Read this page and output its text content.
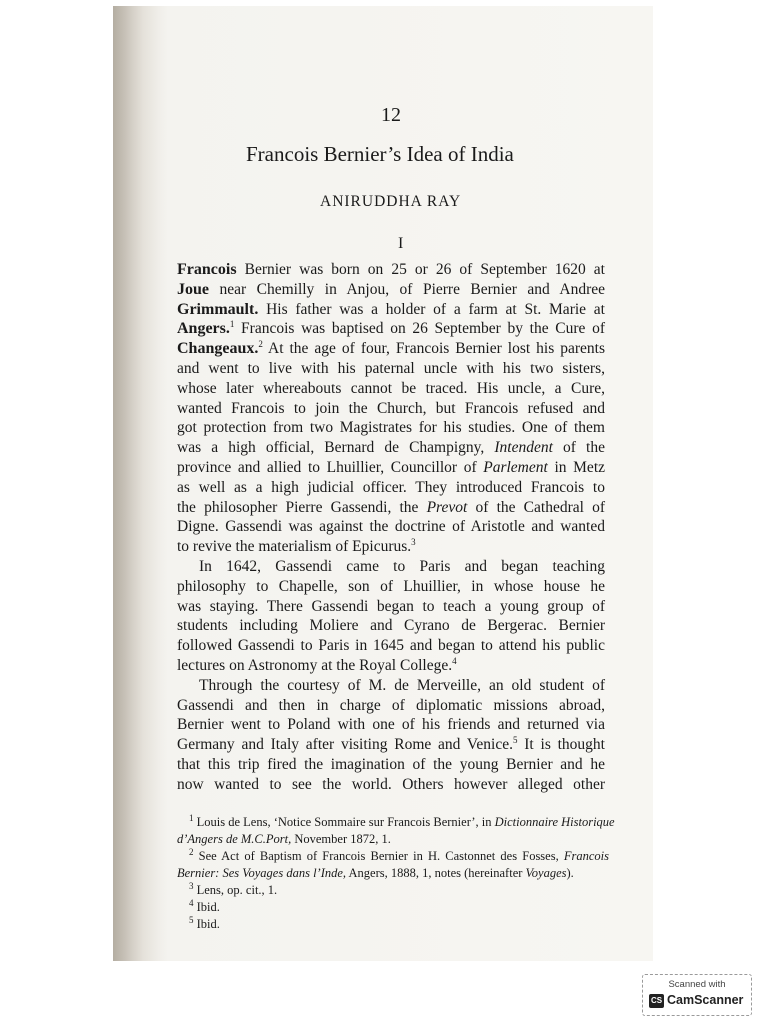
12
Francois Bernier’s Idea of India
ANIRUDDHA RAY
I
Francois Bernier was born on 25 or 26 of September 1620 at
Joue near Chemilly in Anjou, of Pierre Bernier and Andree
Grimmault. His father was a holder of a farm at St. Marie at
Angers.$^1$ Francois was baptised on 26 September by the Cure of
Changeaux.$^2$ At the age of four, Francois Bernier lost his parents
and went to live with his paternal uncle with his two sisters,
whose later whereabouts cannot be traced. His uncle, a Cure,
wanted Francois to join the Church, but Francois refused and
got protection from two Magistrates for his studies. One of them
was a high official, Bernard de Champigny, Intendent of the
province and allied to Lhuillier, Councillor of Parlement in Metz
as well as a high judicial officer. They introduced Francois to
the philosopher Pierre Gassendi, the Prevot of the Cathedral of
Digne. Gassendi was against the doctrine of Aristotle and wanted
to revive the materialism of Epicurus.$^3$
In 1642, Gassendi came to Paris and began teaching
philosophy to Chapelle, son of Lhuillier, in whose house he
was staying. There Gassendi began to teach a young group of
students including Moliere and Cyrano de Bergerac. Bernier
followed Gassendi to Paris in 1645 and began to attend his public
lectures on Astronomy at the Royal College.$^4$
Through the courtesy of M. de Merveille, an old student of
Gassendi and then in charge of diplomatic missions abroad,
Bernier went to Poland with one of his friends and returned via
Germany and Italy after visiting Rome and Venice.$^5$ It is thought
that this trip fired the imagination of the young Bernier and he
now wanted to see the world. Others however alleged other
$^1$ Louis de Lens, ‘Notice Sommaire sur Francois Bernier’, in Dictionnaire Historique
d’Angers de M.C.Port, November 1872, 1.
$^2$ See Act of Baptism of Francois Bernier in H. Castonnet des Fosses, Francois
Bernier: Ses Voyages dans l’Inde, Angers, 1888, 1, notes (hereinafter Voyages).
$^3$ Lens, op. cit., 1.
$^4$ Ibid.
$^5$ Ibid.
Scanned with
CS CamScanner
